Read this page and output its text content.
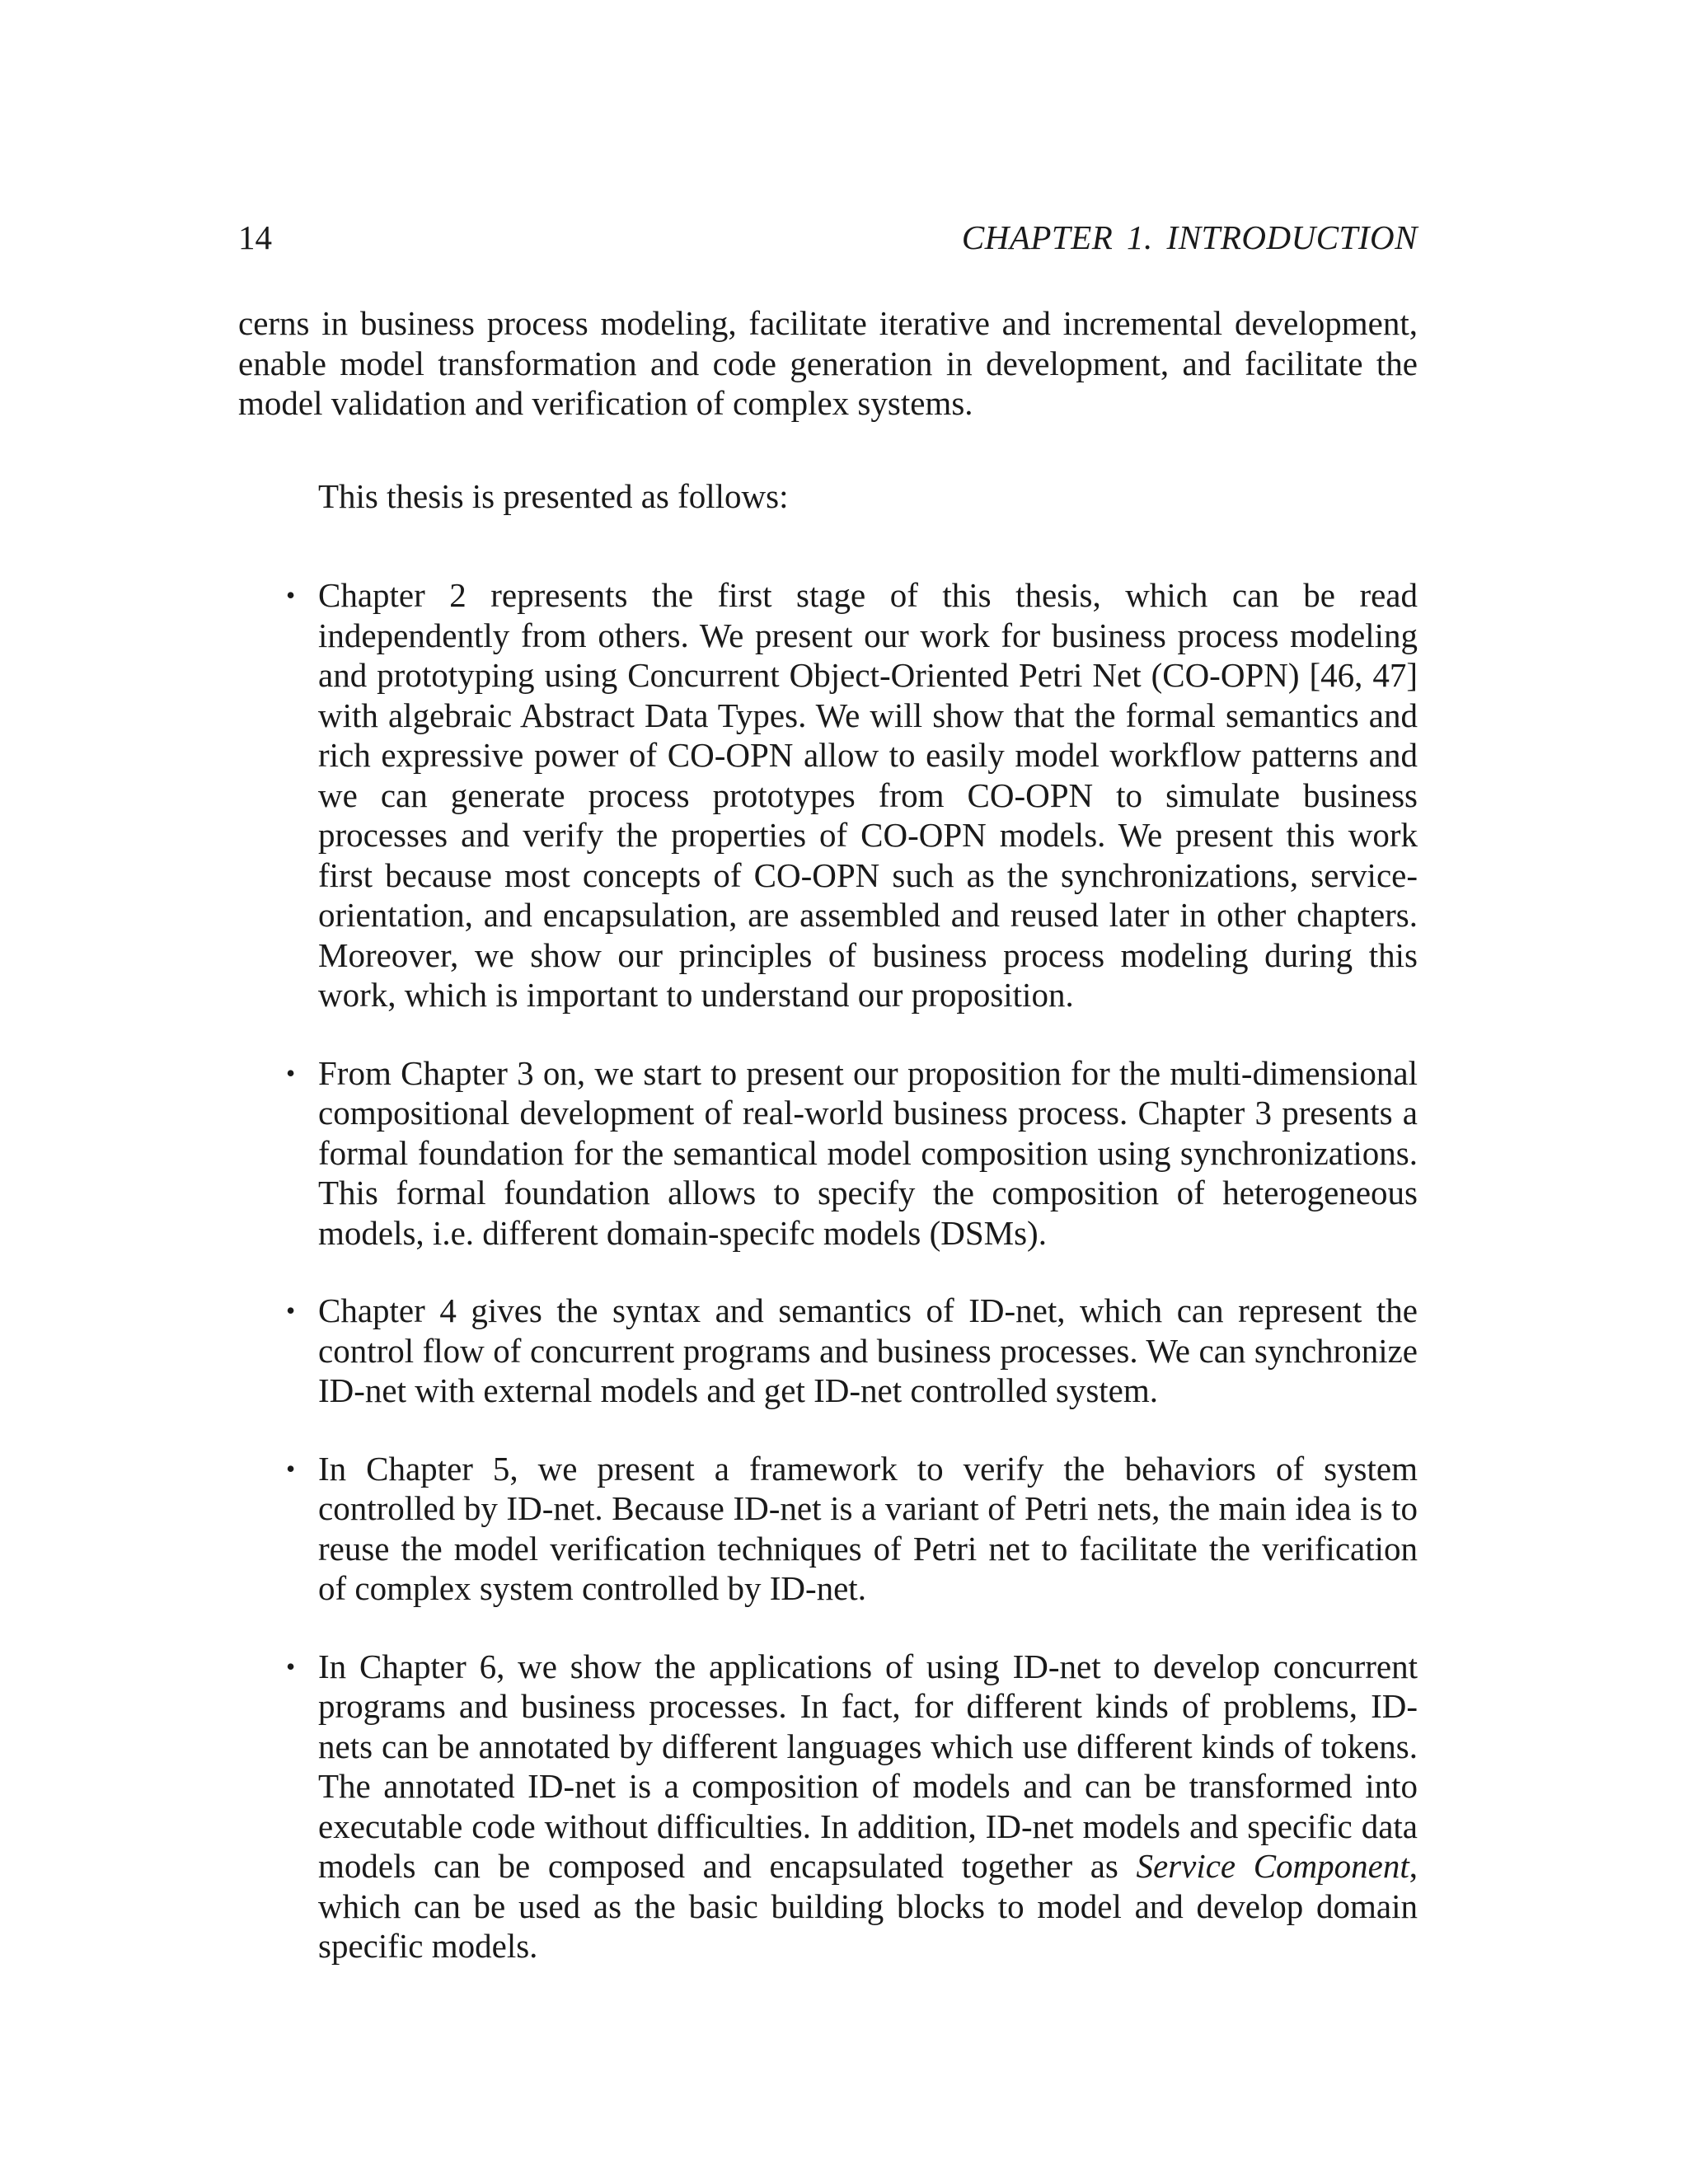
14	CHAPTER 1. INTRODUCTION

cerns in business process modeling, facilitate iterative and incremental development, enable model transformation and code generation in development, and facilitate the model validation and verification of complex systems.

This thesis is presented as follows:

• Chapter 2 represents the first stage of this thesis, which can be read independently from others. We present our work for business process modeling and prototyping using Concurrent Object-Oriented Petri Net (CO-OPN) [46, 47] with algebraic Abstract Data Types. We will show that the formal semantics and rich expressive power of CO-OPN allow to easily model workflow patterns and we can generate process prototypes from CO-OPN to simulate business processes and verify the properties of CO-OPN models. We present this work first because most concepts of CO-OPN such as the synchronizations, service-orientation, and encapsulation, are assembled and reused later in other chapters. Moreover, we show our principles of business process modeling during this work, which is important to understand our proposition.
• From Chapter 3 on, we start to present our proposition for the multi-dimensional compositional development of real-world business process. Chapter 3 presents a formal foundation for the semantical model composition using synchronizations. This formal foundation allows to specify the composition of heterogeneous models, i.e. different domain-specifc models (DSMs).
• Chapter 4 gives the syntax and semantics of ID-net, which can represent the control flow of concurrent programs and business processes. We can synchronize ID-net with external models and get ID-net controlled system.
• In Chapter 5, we present a framework to verify the behaviors of system controlled by ID-net. Because ID-net is a variant of Petri nets, the main idea is to reuse the model verification techniques of Petri net to facilitate the verification of complex system controlled by ID-net.
• In Chapter 6, we show the applications of using ID-net to develop concurrent programs and business processes. In fact, for different kinds of problems, ID-nets can be annotated by different languages which use different kinds of tokens. The annotated ID-net is a composition of models and can be transformed into executable code without difficulties. In addition, ID-net models and specific data models can be composed and encapsulated together as Service Component, which can be used as the basic building blocks to model and develop domain specific models.
